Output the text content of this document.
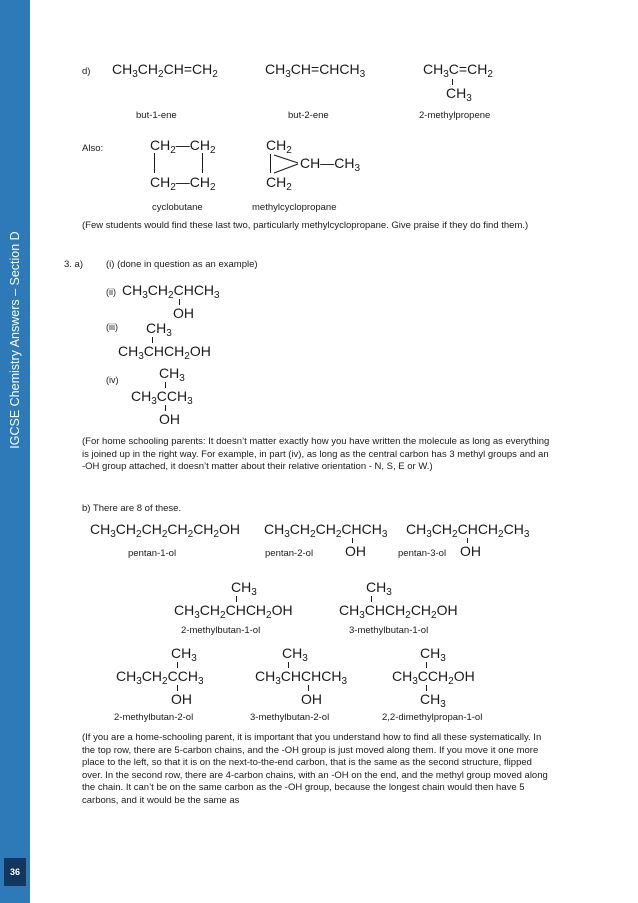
IGCSE Chemistry Answers – Section D
36
d) $CH_3CH_2CH=CH_2$	$CH_3CH=CHCH_3$	$CH_3C=CH_2$
$CH_3$
but-1-ene	but-2-ene	2-methylpropene
Also:	$CH_2—CH_2$
$CH_2—CH_2$
$CH_2$
$CH—CH_3$
$CH_2$
cyclobutane	methylcyclopropane
(Few students would find these last two, particularly methylcyclopropane. Give praise if they do find them.)
3. a) (i) (done in question as an example)
(ii) $CH_3CH_2CHCH_3$
OH
(iii) $CH_3$
$CH_3CHCH_2OH$
(iv)	$CH_3$
$CH_3CCH_3$
OH
(For home schooling parents: It doesn’t matter exactly how you have written the molecule as long as everything is joined up in the right way. For example, in part (iv), as long as the central carbon has 3 methyl groups and an -OH group attached, it doesn’t matter about their relative orientation - N, S, E or W.)
b) There are 8 of these.
$CH_3CH_2CH_2CH_2CH_2OH$ $CH_3CH_2CH_2CHCH_3$
OH
$CH_3CH_2CHCH_2CH_3$
OH
pentan-1-ol	pentan-2-ol	pentan-3-ol
$CH_3$
$CH_3CH_2CHCH_2OH$
2-methylbutan-1-ol
$CH_3$
$CH_3CHCH_2CH_2OH$
3-methylbutan-1-ol
$CH_3$
$CH_3CH_2CCH_3$
OH
2-methylbutan-2-ol
$CH_3$
$CH_3CHCHCH_3$
OH
3-methylbutan-2-ol
$CH_3$
$CH_3CCH_2OH$
$CH_3$
2,2-dimethylpropan-1-ol
(If you are a home-schooling parent, it is important that you understand how to find all these systematically. In the top row, there are 5-carbon chains, and the -OH group is just moved along them. If you move it one more place to the left, so that it is on the next-to-the-end carbon, that is the same as the second structure, flipped over. In the second row, there are 4-carbon chains, with an -OH on the end, and the methyl group moved along the chain. It can’t be on the same carbon as the -OH group, because the longest chain would then have 5 carbons, and it would be the same as
